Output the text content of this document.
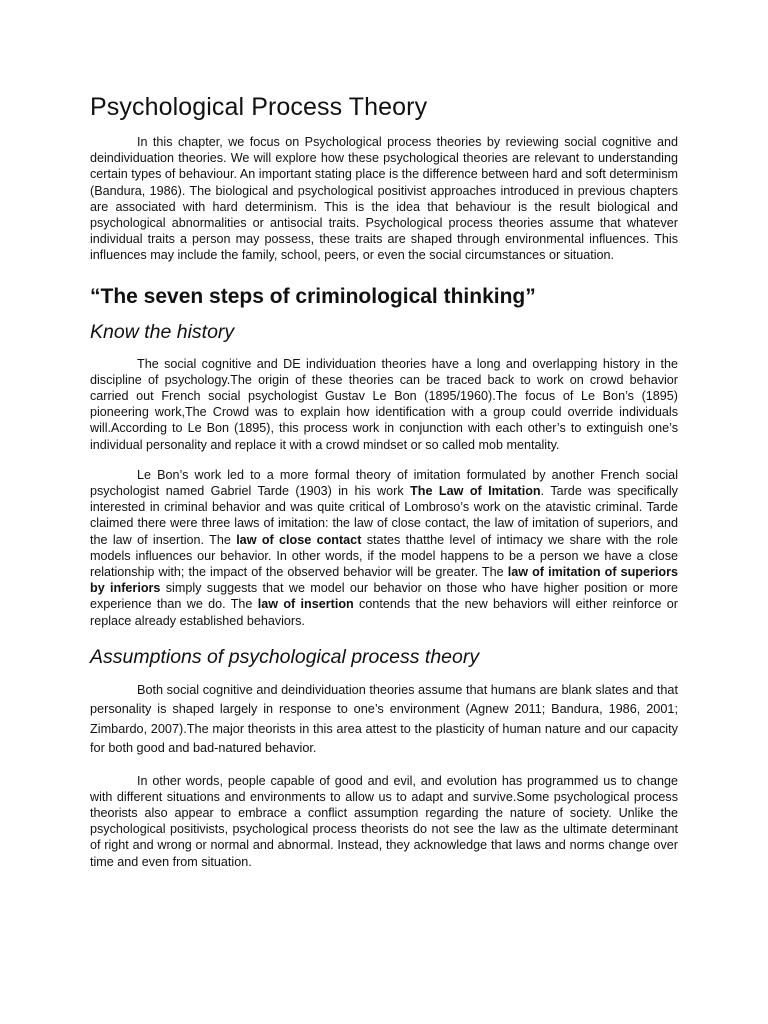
Psychological Process Theory

In this chapter, we focus on Psychological process theories by reviewing social cognitive and deindividuation theories. We will explore how these psychological theories are relevant to understanding certain types of behaviour. An important stating place is the difference between hard and soft determinism (Bandura, 1986). The biological and psychological positivist approaches introduced in previous chapters are associated with hard determinism. This is the idea that behaviour is the result biological and psychological abnormalities or antisocial traits. Psychological process theories assume that whatever individual traits a person may possess, these traits are shaped through environmental influences. This influences may include the family, school, peers, or even the social circumstances or situation.

“The seven steps of criminological thinking”
Know the history

The social cognitive and DE individuation theories have a long and overlapping history in the discipline of psychology.The origin of these theories can be traced back to work on crowd behavior carried out French social psychologist Gustav Le Bon (1895/1960).The focus of Le Bon’s (1895) pioneering work,The Crowd was to explain how identification with a group could override individuals will.According to Le Bon (1895), this process work in conjunction with each other’s to extinguish one’s individual personality and replace it with a crowd mindset or so called mob mentality.

Le Bon’s work led to a more formal theory of imitation formulated by another French social psychologist named Gabriel Tarde (1903) in his work The Law of Imitation. Tarde was specifically interested in criminal behavior and was quite critical of Lombroso’s work on the atavistic criminal. Tarde claimed there were three laws of imitation: the law of close contact, the law of imitation of superiors, and the law of insertion. The law of close contact states thatthe level of intimacy we share with the role models influences our behavior. In other words, if the model happens to be a person we have a close relationship with; the impact of the observed behavior will be greater. The law of imitation of superiors by inferiors simply suggests that we model our behavior on those who have higher position or more experience than we do. The law of insertion contends that the new behaviors will either reinforce or replace already established behaviors.

Assumptions of psychological process theory

Both social cognitive and deindividuation theories assume that humans are blank slates and that personality is shaped largely in response to one’s environment (Agnew 2011; Bandura, 1986, 2001; Zimbardo, 2007).The major theorists in this area attest to the plasticity of human nature and our capacity for both good and bad-natured behavior.

In other words, people capable of good and evil, and evolution has programmed us to change with different situations and environments to allow us to adapt and survive.Some psychological process theorists also appear to embrace a conflict assumption regarding the nature of society. Unlike the psychological positivists, psychological process theorists do not see the law as the ultimate determinant of right and wrong or normal and abnormal. Instead, they acknowledge that laws and norms change over time and even from situation.
